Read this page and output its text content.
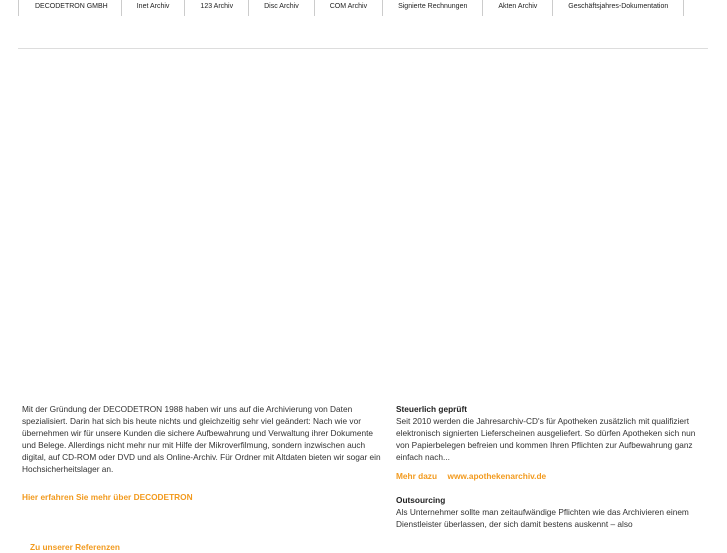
DECODETRON GMBH	Inet Archiv	123 Archiv	Disc Archiv	COM Archiv	Signierte Rechnungen	Akten Archiv	Geschäftsjahres-Dokumentation

Mit der Gründung der DECODETRON 1988 haben wir uns auf die Archivierung von Daten spezialisiert. Darin hat sich bis heute nichts und gleichzeitig sehr viel geändert: Nach wie vor übernehmen wir für unsere Kunden die sichere Aufbewahrung und Verwaltung ihrer Dokumente und Belege. Allerdings nicht mehr nur mit Hilfe der Mikroverfilmung, sondern inzwischen auch digital, auf CD-ROM oder DVD und als Online-Archiv. Für Ordner mit Altdaten bieten wir sogar ein Hochsicherheitslager an.

Hier erfahren Sie mehr über DECODETRON
Zu unserer Referenzen

Steuerlich geprüft

Seit 2010 werden die Jahresarchiv-CD's für Apotheken zusätzlich mit qualifiziert elektronisch signierten Lieferscheinen ausgeliefert. So dürfen Apotheken sich nun von Papierbelegen befreien und kommen Ihren Pflichten zur Aufbewahrung ganz einfach nach...

Mehr dazu www.apothekenarchiv.de

Outsourcing

Als Unternehmer sollte man zeitaufwändige Pflichten wie das Archivieren einem Dienstleister überlassen, der sich damit bestens auskennt – also
